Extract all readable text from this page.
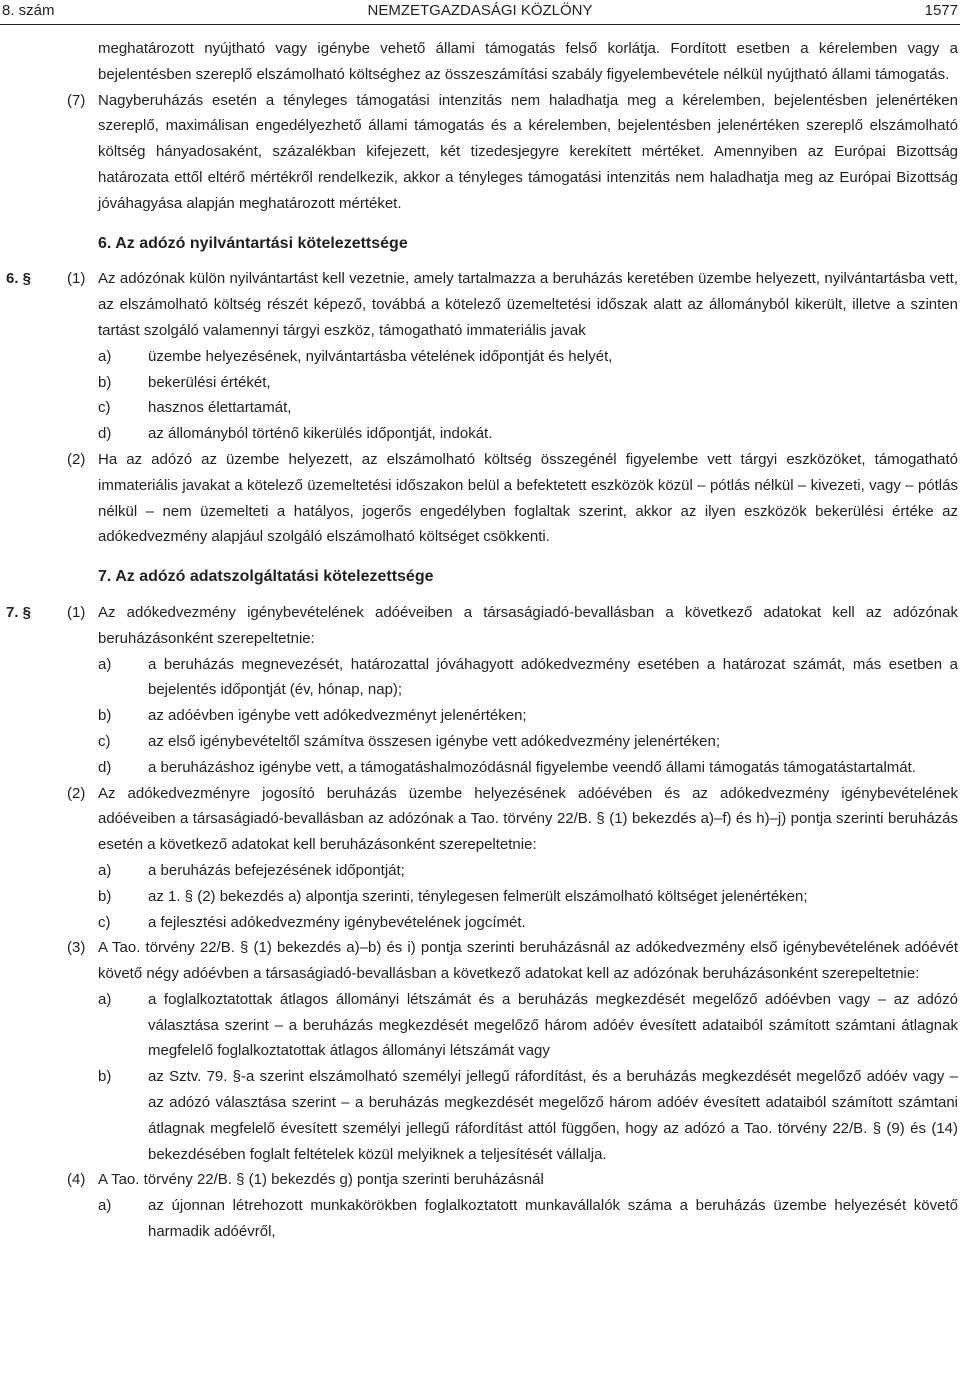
8. szám	NEMZETGAZDASÁGI KÖZLÖNY	1577

meghatározott nyújtható vagy igénybe vehető állami támogatás felső korlátja. Fordított esetben a kérelemben vagy a bejelentésben szereplő elszámolható költséghez az összeszámítási szabály figyelembevétele nélkül nyújtható állami támogatás.

(7) Nagyberuházás esetén a tényleges támogatási intenzitás nem haladhatja meg a kérelemben, bejelentésben jelenértéken szereplő, maximálisan engedélyezhető állami támogatás és a kérelemben, bejelentésben jelenértéken szereplő elszámolható költség hányadosaként, százalékban kifejezett, két tizedesjegyre kerekített mértéket. Amennyiben az Európai Bizottság határozata ettől eltérő mértékről rendelkezik, akkor a tényleges támogatási intenzitás nem haladhatja meg az Európai Bizottság jóváhagyása alapján meghatározott mértéket.

6. Az adózó nyilvántartási kötelezettsége

6. § (1) Az adózónak külön nyilvántartást kell vezetnie, amely tartalmazza a beruházás keretében üzembe helyezett, nyilvántartásba vett, az elszámolható költség részét képező, továbbá a kötelező üzemeltetési időszak alatt az állományból kikerült, illetve a szinten tartást szolgáló valamennyi tárgyi eszköz, támogatható immateriális javak
a) üzembe helyezésének, nyilvántartásba vételének időpontját és helyét,
b) bekerülési értékét,
c)	hasznos élettartamát,
d) az állományból történő kikerülés időpontját, indokát.
(2) Ha az adózó az üzembe helyezett, az elszámolható költség összegénél figyelembe vett tárgyi eszközöket, támogatható immateriális javakat a kötelező üzemeltetési időszakon belül a befektetett eszközök közül – pótlás nélkül – kivezeti, vagy – pótlás nélkül – nem üzemelteti a hatályos, jogerős engedélyben foglaltak szerint, akkor az ilyen eszközök bekerülési értéke az adókedvezmény alapjául szolgáló elszámolható költséget csökkenti.

7. Az adózó adatszolgáltatási kötelezettsége

7. § (1) Az adókedvezmény igénybevételének adóéveiben a társaságiadó-bevallásban a következő adatokat kell az adózónak beruházásonként szerepeltetnie:
a) a beruházás megnevezését, határozattal jóváhagyott adókedvezmény esetében a határozat számát, más esetben a bejelentés időpontját (év, hónap, nap);
b) az adóévben igénybe vett adókedvezményt jelenértéken;
c)	az első igénybevételtől számítva összesen igénybe vett adókedvezmény jelenértéken;
d) a beruházáshoz igénybe vett, a támogatáshalmozódásnál figyelembe veendő állami támogatás támogatástartalmát.
(2) Az adókedvezményre jogosító beruházás üzembe helyezésének adóévében és az adókedvezmény igénybevételének adóéveiben a társaságiadó-bevallásban az adózónak a Tao. törvény 22/B. § (1) bekezdés a)–f) és h)–j) pontja szerinti beruházás esetén a következő adatokat kell beruházásonként szerepeltetnie:
a) a beruházás befejezésének időpontját;
b) az 1. § (2) bekezdés a) alpontja szerinti, ténylegesen felmerült elszámolható költséget jelenértéken;
c)	a fejlesztési adókedvezmény igénybevételének jogcímét.
(3) A Tao. törvény 22/B. § (1) bekezdés a)–b) és i) pontja szerinti beruházásnál az adókedvezmény első igénybevételének adóévét követő négy adóévben a társaságiadó-bevallásban a következő adatokat kell az adózónak beruházásonként szerepeltetnie:
a) a foglalkoztatottak átlagos állományi létszámát és a beruházás megkezdését megelőző adóévben vagy – az adózó választása szerint – a beruházás megkezdését megelőző három adóév évesített adataiból számított számtani átlagnak megfelelő foglalkoztatottak átlagos állományi létszámát vagy
b) az Sztv. 79. §-a szerint elszámolható személyi jellegű ráfordítást, és a beruházás megkezdését megelőző adóév vagy – az adózó választása szerint – a beruházás megkezdését megelőző három adóév évesített adataiból számított számtani átlagnak megfelelő évesített személyi jellegű ráfordítást attól függően, hogy az adózó a Tao. törvény 22/B. § (9) és (14) bekezdésében foglalt feltételek közül melyiknek a teljesítését vállalja.
(4) A Tao. törvény 22/B. § (1) bekezdés g) pontja szerinti beruházásnál
a) az újonnan létrehozott munkakörökben foglalkoztatott munkavállalók száma a beruházás üzembe helyezését követő harmadik adóévről,
